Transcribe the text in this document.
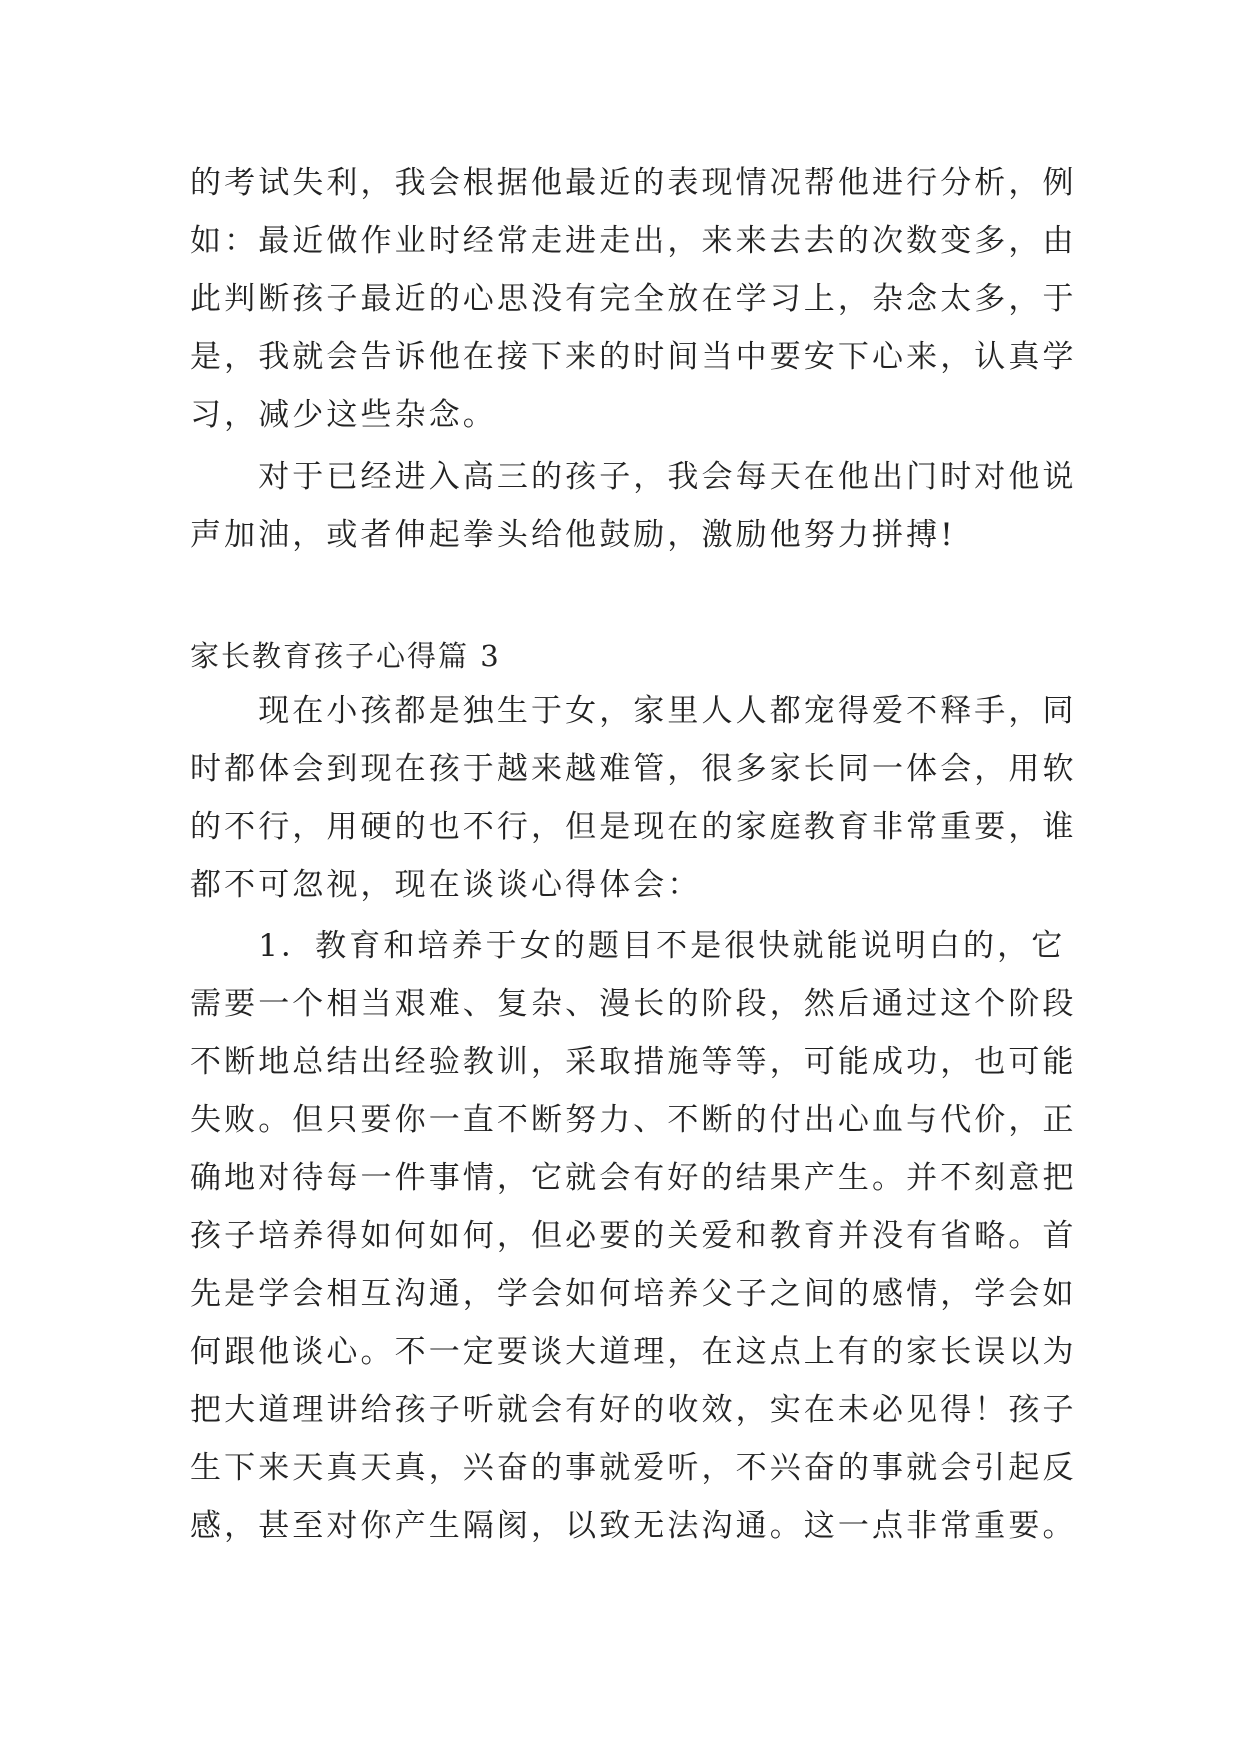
的考试失利，我会根据他最近的表现情况帮他进行分析，例
如：最近做作业时经常走进走出，来来去去的次数变多，由
此判断孩子最近的心思没有完全放在学习上，杂念太多，于
是，我就会告诉他在接下来的时间当中要安下心来，认真学
习，减少这些杂念。

　　对于已经进入高三的孩子，我会每天在他出门时对他说
声加油，或者伸起拳头给他鼓励，激励他努力拼搏!

家长教育孩子心得篇 3

　　现在小孩都是独生于女，家里人人都宠得爱不释手，同
时都体会到现在孩于越来越难管，很多家长同一体会，用软
的不行，用硬的也不行，但是现在的家庭教育非常重要，谁
都不可忽视，现在谈谈心得体会：

　　1．教育和培养于女的题目不是很快就能说明白的，它
需要一个相当艰难、复杂、漫长的阶段，然后通过这个阶段
不断地总结出经验教训，采取措施等等，可能成功，也可能
失败。但只要你一直不断努力、不断的付出心血与代价，正
确地对待每一件事情，它就会有好的结果产生。并不刻意把
孩子培养得如何如何，但必要的关爱和教育并没有省略。首
先是学会相互沟通，学会如何培养父子之间的感情，学会如
何跟他谈心。不一定要谈大道理，在这点上有的家长误以为
把大道理讲给孩子听就会有好的收效，实在未必见得！孩子
生下来天真天真，兴奋的事就爱听，不兴奋的事就会引起反
感，甚至对你产生隔阂，以致无法沟通。这一点非常重要。
